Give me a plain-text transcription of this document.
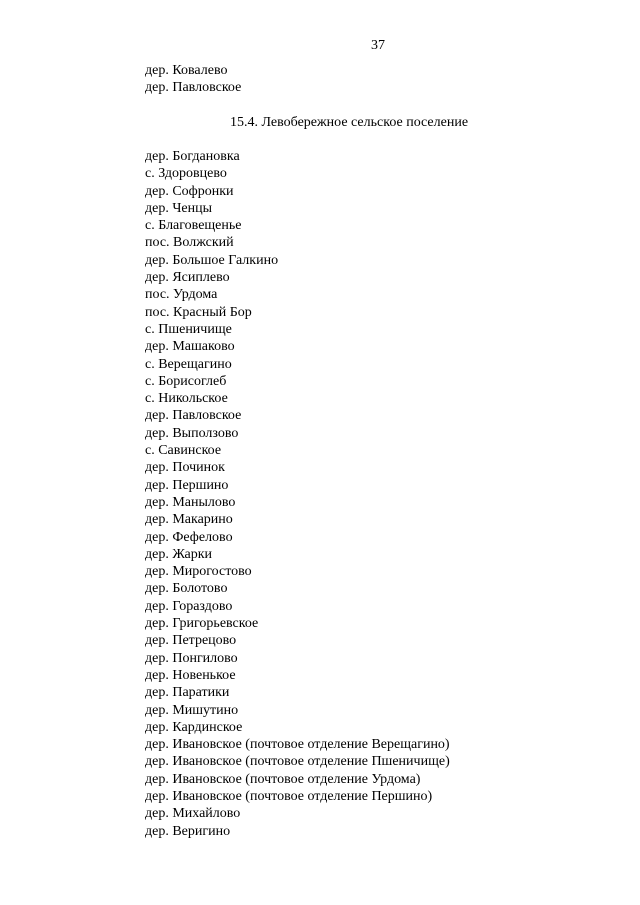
37
дер. Ковалево
дер. Павловское
15.4. Левобережное сельское поселение
дер. Богдановка
с. Здоровцево
дер. Софронки
дер. Ченцы
с. Благовещенье
пос. Волжский
дер. Большое Галкино
дер. Ясиплево
пос. Урдома
пос. Красный Бор
с. Пшеничище
дер. Машаково
с. Верещагино
с. Борисоглеб
с. Никольское
дер. Павловское
дер. Выползово
с. Савинское
дер. Починок
дер. Першино
дер. Манылово
дер. Макарино
дер. Фефелово
дер. Жарки
дер. Мирогостово
дер. Болотово
дер. Гораздово
дер. Григорьевское
дер. Петрецово
дер. Понгилово
дер. Новенькое
дер. Паратики
дер. Мишутино
дер. Кардинское
дер. Ивановское (почтовое отделение Верещагино)
дер. Ивановское (почтовое отделение Пшеничище)
дер. Ивановское (почтовое отделение Урдома)
дер. Ивановское (почтовое отделение Першино)
дер. Михайлово
дер. Веригино
